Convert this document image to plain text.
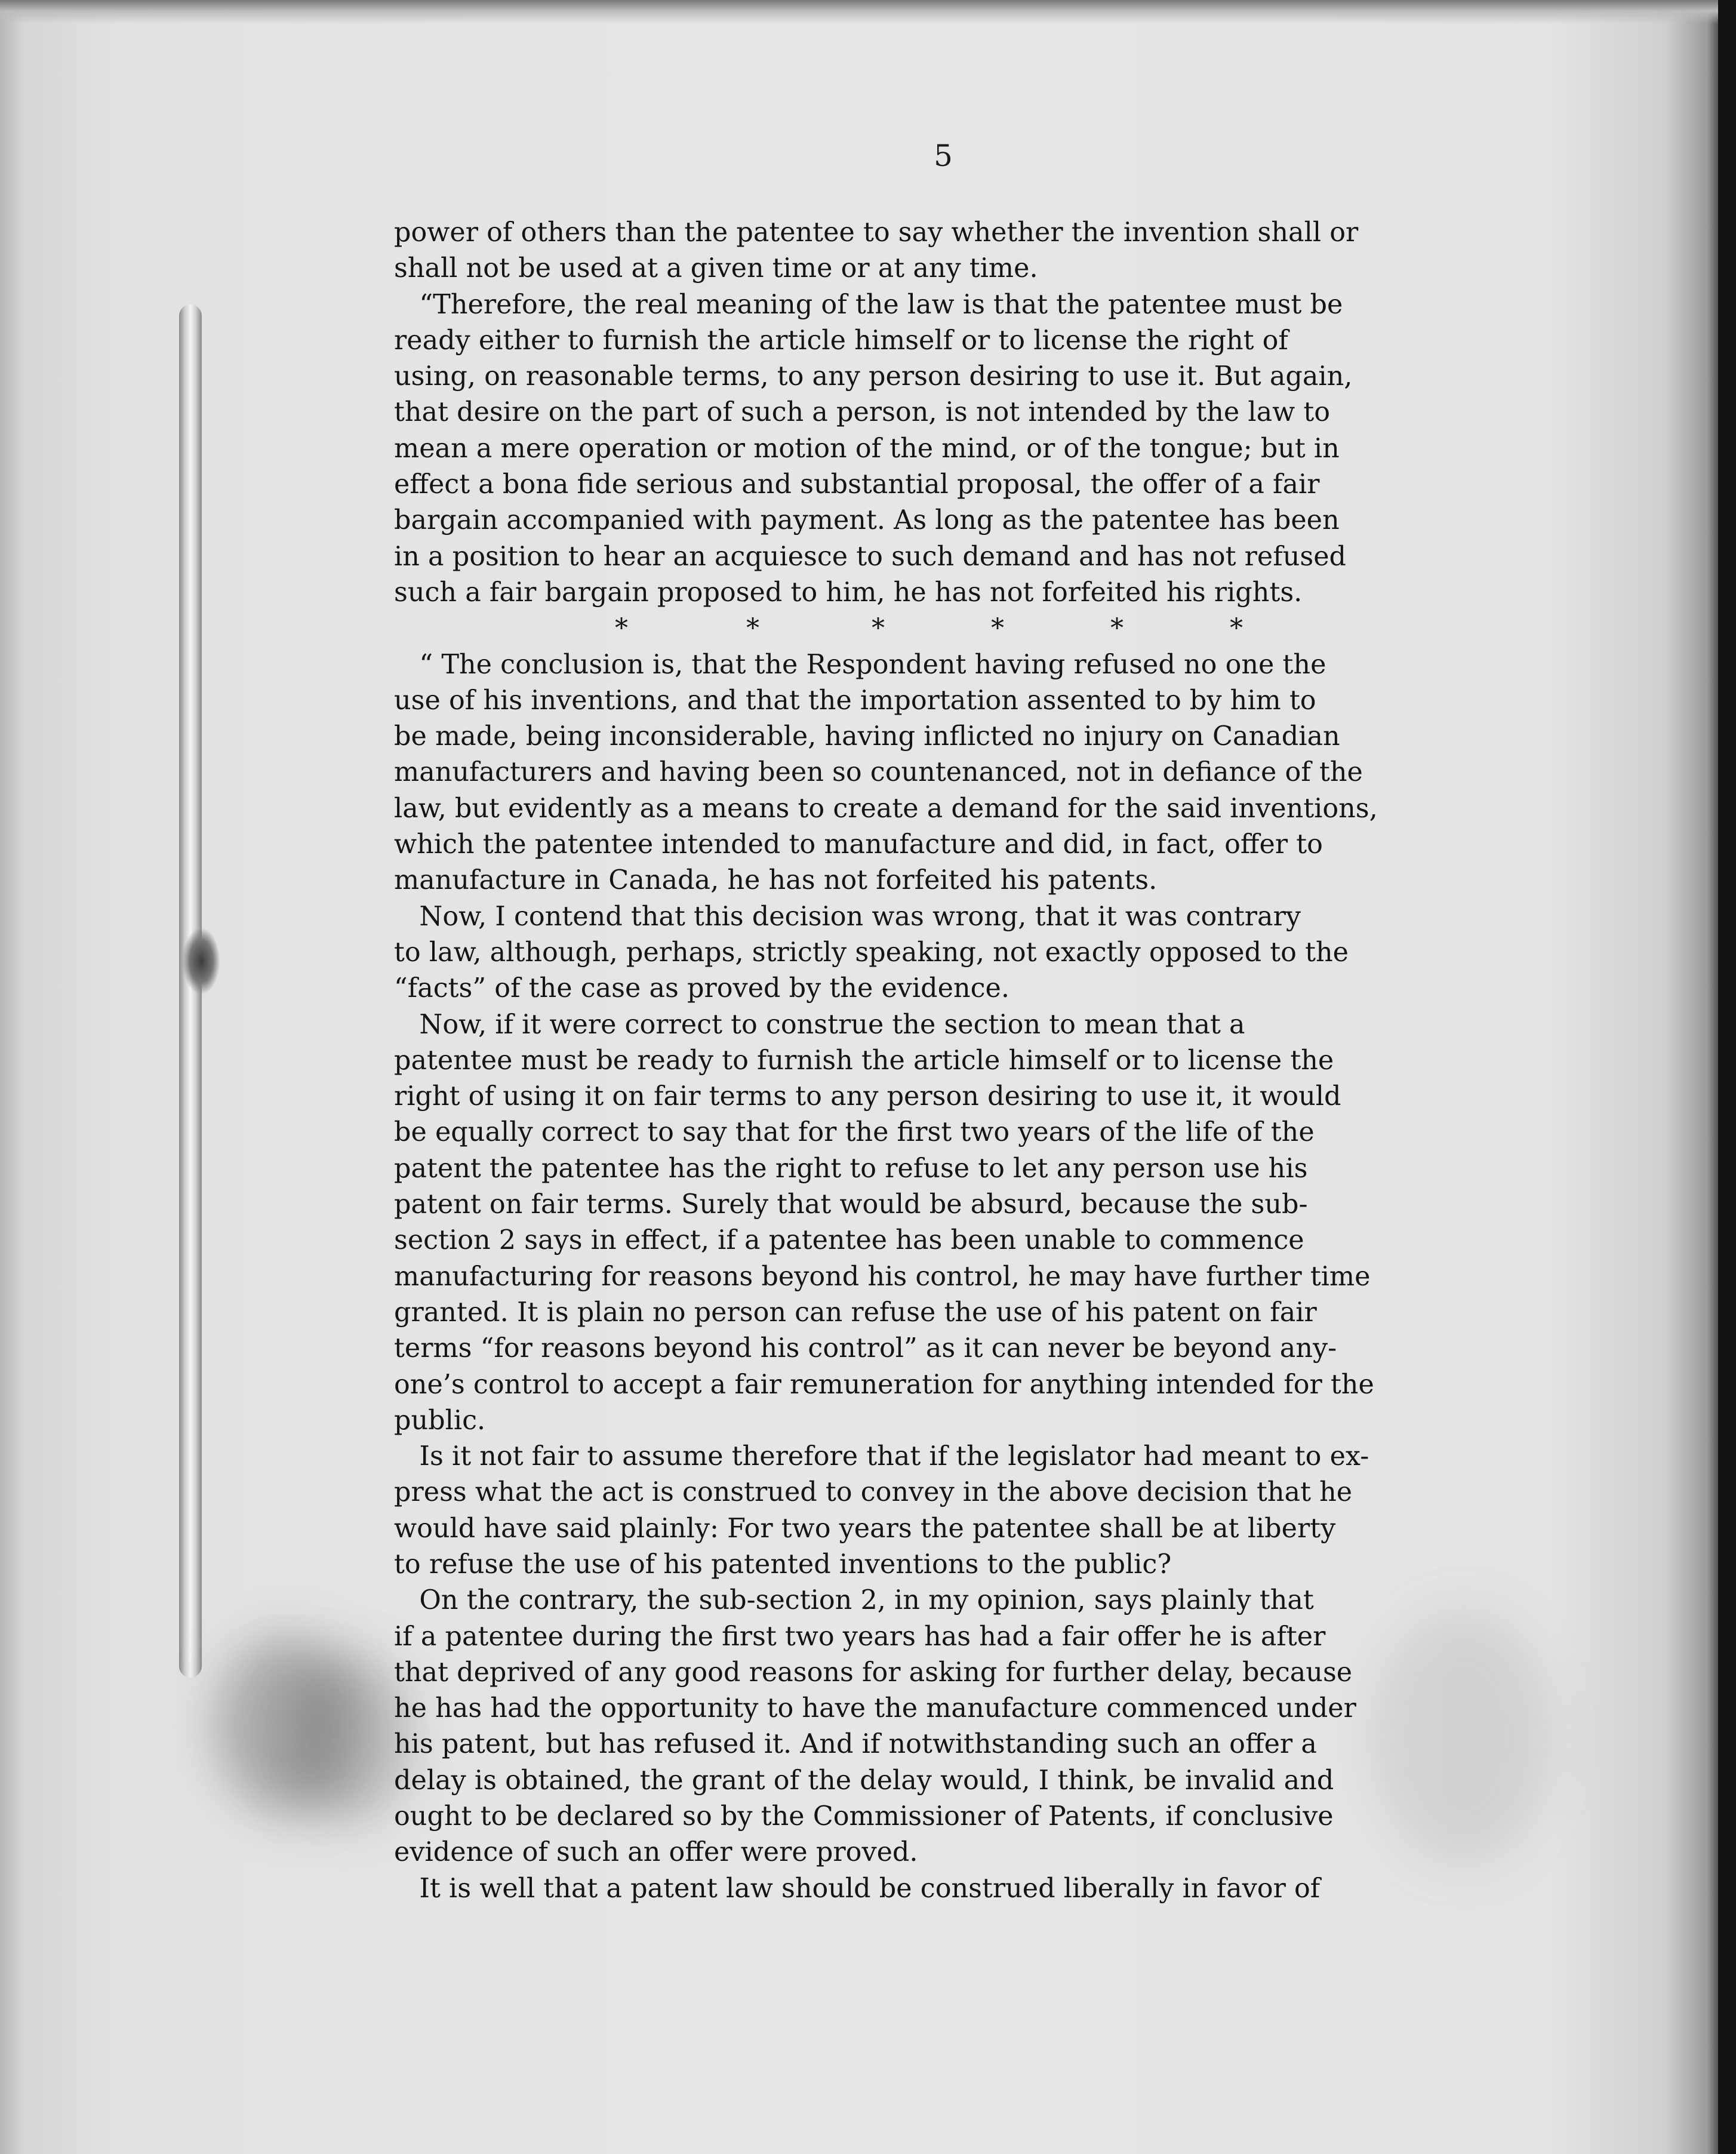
5
power of others than the patentee to say whether the invention shall or
shall not be used at a given time or at any time.
“Therefore, the real meaning of the law is that the patentee must be
ready either to furnish the article himself or to license the right of
using, on reasonable terms, to any person desiring to use it. But again,
that desire on the part of such a person, is not intended by the law to
mean a mere operation or motion of the mind, or of the tongue; but in
effect a bona fide serious and substantial proposal, the offer of a fair
bargain accompanied with payment. As long as the patentee has been
in a position to hear an acquiesce to such demand and has not refused
such a fair bargain proposed to him, he has not forfeited his rights.
*	*	*	*	*	*
“ The conclusion is, that the Respondent having refused no one the
use of his inventions, and that the importation assented to by him to
be made, being inconsiderable, having inflicted no injury on Canadian
manufacturers and having been so countenanced, not in defiance of the
law, but evidently as a means to create a demand for the said inventions,
which the patentee intended to manufacture and did, in fact, offer to
manufacture in Canada, he has not forfeited his patents.
Now, I contend that this decision was wrong, that it was contrary
to law, although, perhaps, strictly speaking, not exactly opposed to the
“facts” of the case as proved by the evidence.
Now, if it were correct to construe the section to mean that a
patentee must be ready to furnish the article himself or to license the
right of using it on fair terms to any person desiring to use it, it would
be equally correct to say that for the first two years of the life of the
patent the patentee has the right to refuse to let any person use his
patent on fair terms. Surely that would be absurd, because the sub-
section 2 says in effect, if a patentee has been unable to commence
manufacturing for reasons beyond his control, he may have further time
granted. It is plain no person can refuse the use of his patent on fair
terms “for reasons beyond his control” as it can never be beyond any-
one’s control to accept a fair remuneration for anything intended for the
public.
Is it not fair to assume therefore that if the legislator had meant to ex-
press what the act is construed to convey in the above decision that he
would have said plainly: For two years the patentee shall be at liberty
to refuse the use of his patented inventions to the public?
On the contrary, the sub-section 2, in my opinion, says plainly that
if a patentee during the first two years has had a fair offer he is after
that deprived of any good reasons for asking for further delay, because
he has had the opportunity to have the manufacture commenced under
his patent, but has refused it. And if notwithstanding such an offer a
delay is obtained, the grant of the delay would, I think, be invalid and
ought to be declared so by the Commissioner of Patents, if conclusive
evidence of such an offer were proved.
It is well that a patent law should be construed liberally in favor of
